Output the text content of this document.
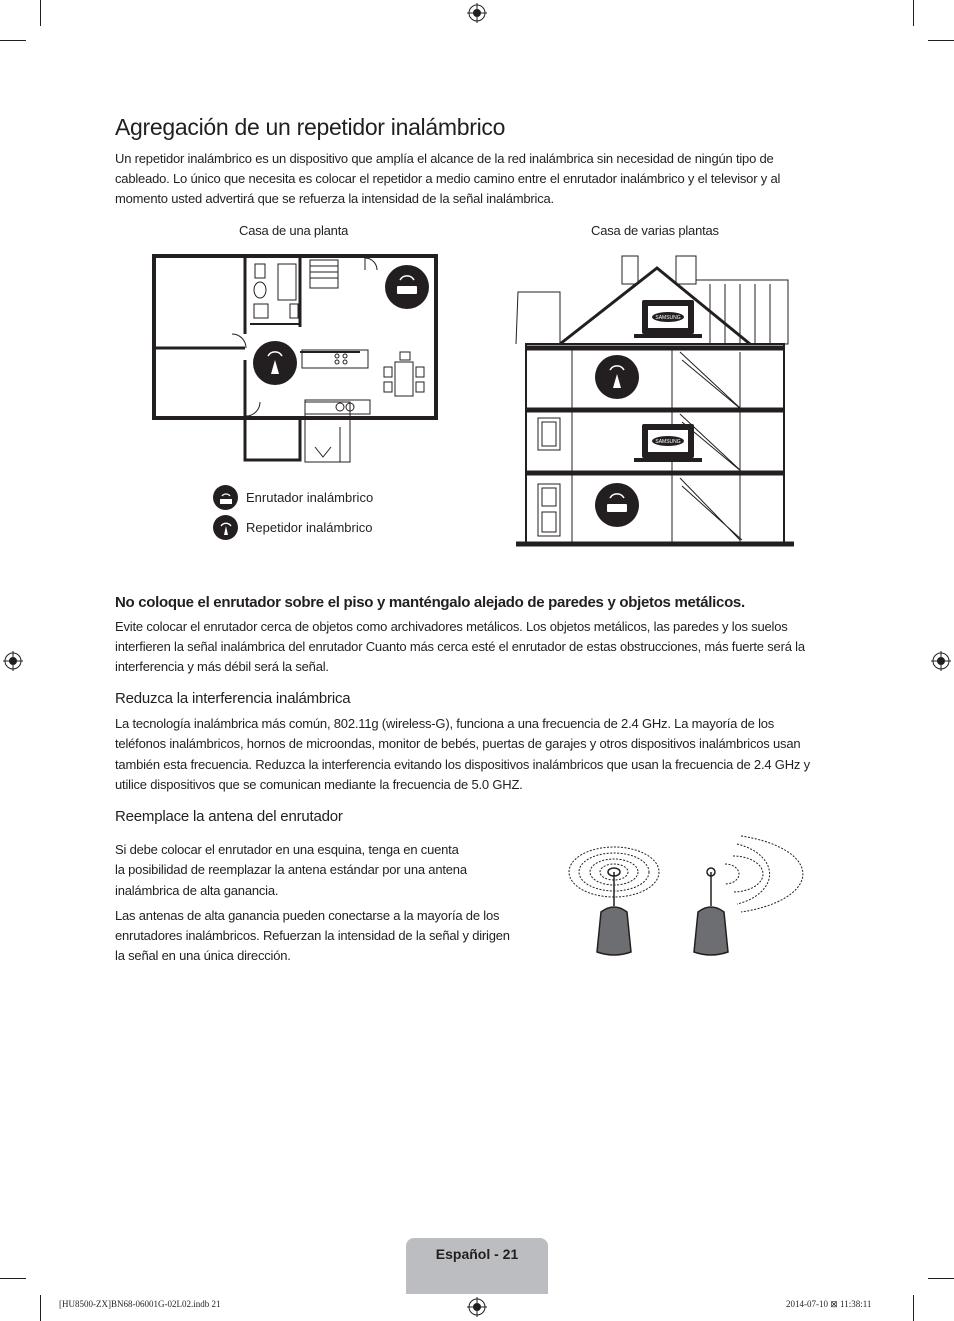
Agregación de un repetidor inalámbrico

Un repetidor inalámbrico es un dispositivo que amplía el alcance de la red inalámbrica sin necesidad de ningún tipo de

cableado. Lo único que necesita es colocar el repetidor a medio camino entre el enrutador inalámbrico y el televisor y al

momento usted advertirá que se refuerza la intensidad de la señal inalámbrica.

Casa de una planta	Casa de varias plantas
Enrutador inalámbrico
Repetidor inalámbrico
SAMSUNG
SAMSUNG

No coloque el enrutador sobre el piso y manténgalo alejado de paredes y objetos metálicos.

Evite colocar el enrutador cerca de objetos como archivadores metálicos. Los objetos metálicos, las paredes y los suelos

interfieren la señal inalámbrica del enrutador Cuanto más cerca esté el enrutador de estas obstrucciones, más fuerte será la

interferencia y más débil será la señal.

Reduzca la interferencia inalámbrica

La tecnología inalámbrica más común, 802.11g (wireless-G), funciona a una frecuencia de 2.4 GHz. La mayoría de los

teléfonos inalámbricos, hornos de microondas, monitor de bebés, puertas de garajes y otros dispositivos inalámbricos usan

también esta frecuencia. Reduzca la interferencia evitando los dispositivos inalámbricos que usan la frecuencia de 2.4 GHz y

utilice dispositivos que se comunican mediante la frecuencia de 5.0 GHZ.

Reemplace la antena del enrutador

Si debe colocar el enrutador en una esquina, tenga en cuenta

la posibilidad de reemplazar la antena estándar por una antena

inalámbrica de alta ganancia.

Las antenas de alta ganancia pueden conectarse a la mayoría de los

enrutadores inalámbricos. Refuerzan la intensidad de la señal y dirigen

la señal en una única dirección.

Español - 21
[HU8500-ZX]BN68-06001G-02L02.indb 21	2014-07-10 ⊠ 11:38:11
